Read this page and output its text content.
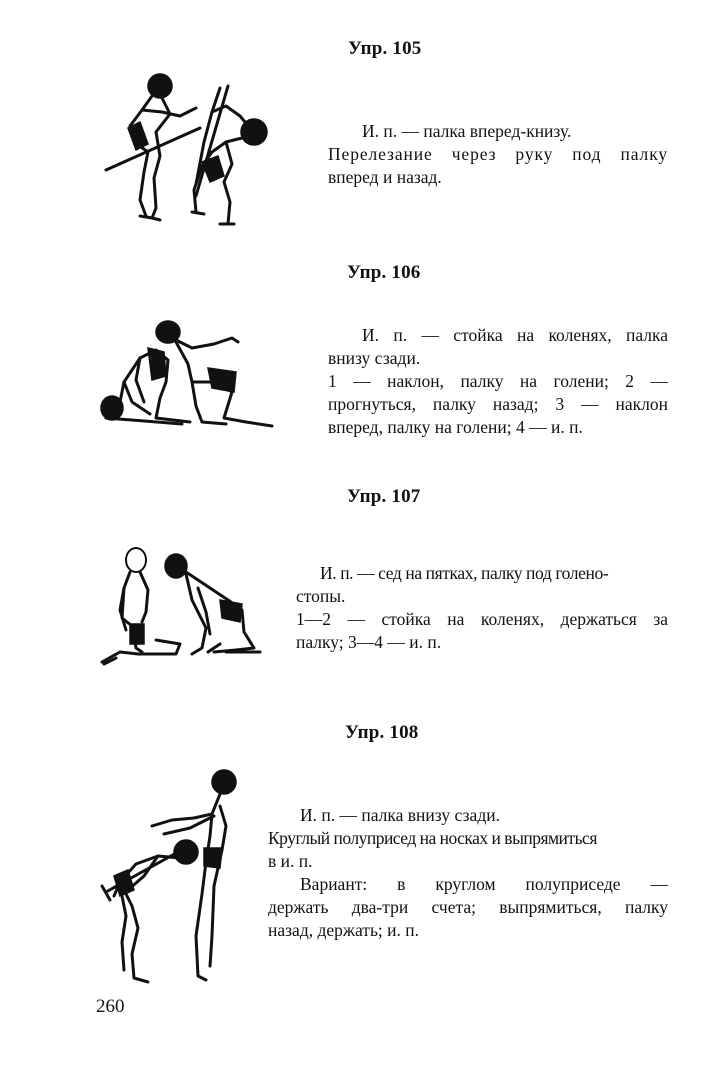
Упр. 105
И. п. — палка вперед-книзу.
Перелезание через руку под палку
вперед и назад.
Упр. 106
И. п. — стойка на коленях, палка
внизу сзади.
1 — наклон, палку на голени; 2 —
прогнуться, палку назад; 3 — наклон
вперед, палку на голени; 4 — и. п.
Упр. 107
И. п. — сед на пятках, палку под голено-
стопы.
1—2 — стойка на коленях, держаться за
палку; 3—4 — и. п.
Упр. 108
И. п. — палка внизу сзади.
Круглый полуприсед на носках и выпрямиться
в и. п.
Вариант: в круглом полуприседе —
держать два-три счета; выпрямиться, палку
назад, держать; и. п.
260
